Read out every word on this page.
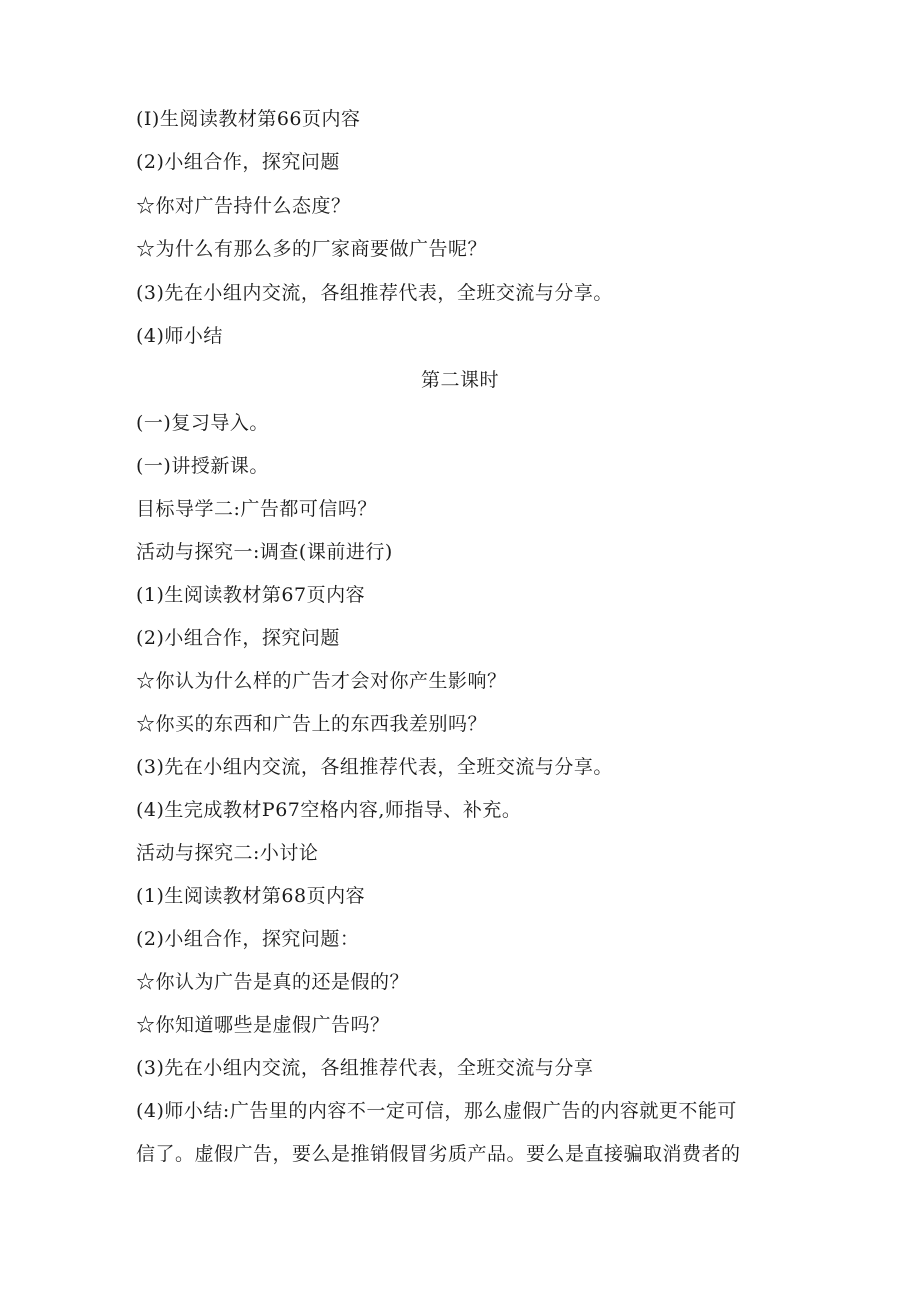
(I)生阅读教材第66页内容
(2)小组合作，探究问题
☆你对广告持什么态度？
☆为什么有那么多的厂家商要做广告呢？
(3)先在小组内交流，各组推荐代表，全班交流与分享。
(4)师小结
第二课时
(一)复习导入。
(一)讲授新课。
目标导学二:广告都可信吗？
活动与探究一:调查(课前进行)
(1)生阅读教材第67页内容
(2)小组合作，探究问题
☆你认为什么样的广告才会对你产生影响？
☆你买的东西和广告上的东西我差别吗？
(3)先在小组内交流，各组推荐代表，全班交流与分享。
(4)生完成教材P67空格内容,师指导、补充。
活动与探究二:小讨论
(1)生阅读教材第68页内容
(2)小组合作，探究问题：
☆你认为广告是真的还是假的？
☆你知道哪些是虚假广告吗？
(3)先在小组内交流，各组推荐代表，全班交流与分享
(4)师小结:广告里的内容不一定可信，那么虚假广告的内容就更不能可
信了。虚假广告，要么是推销假冒劣质产品。要么是直接骗取消费者的
